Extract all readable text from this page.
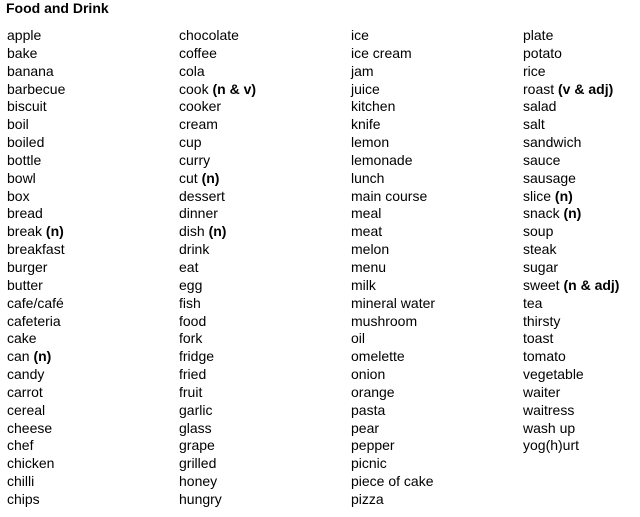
Food and Drink
apple
bake
banana
barbecue
biscuit
boil
boiled
bottle
bowl
box
bread
break (n)
breakfast
burger
butter
cafe/café
cafeteria
cake
can (n)
candy
carrot
cereal
cheese
chef
chicken
chilli
chips
chocolate
coffee
cola
cook (n & v)
cooker
cream
cup
curry
cut (n)
dessert
dinner
dish (n)
drink
eat
egg
fish
food
fork
fridge
fried
fruit
garlic
glass
grape
grilled
honey
hungry
ice
ice cream
jam
juice
kitchen
knife
lemon
lemonade
lunch
main course
meal
meat
melon
menu
milk
mineral water
mushroom
oil
omelette
onion
orange
pasta
pear
pepper
picnic
piece of cake
pizza
plate
potato
rice
roast (v & adj)
salad
salt
sandwich
sauce
sausage
slice (n)
snack (n)
soup
steak
sugar
sweet (n & adj)
tea
thirsty
toast
tomato
vegetable
waiter
waitress
wash up
yog(h)urt
